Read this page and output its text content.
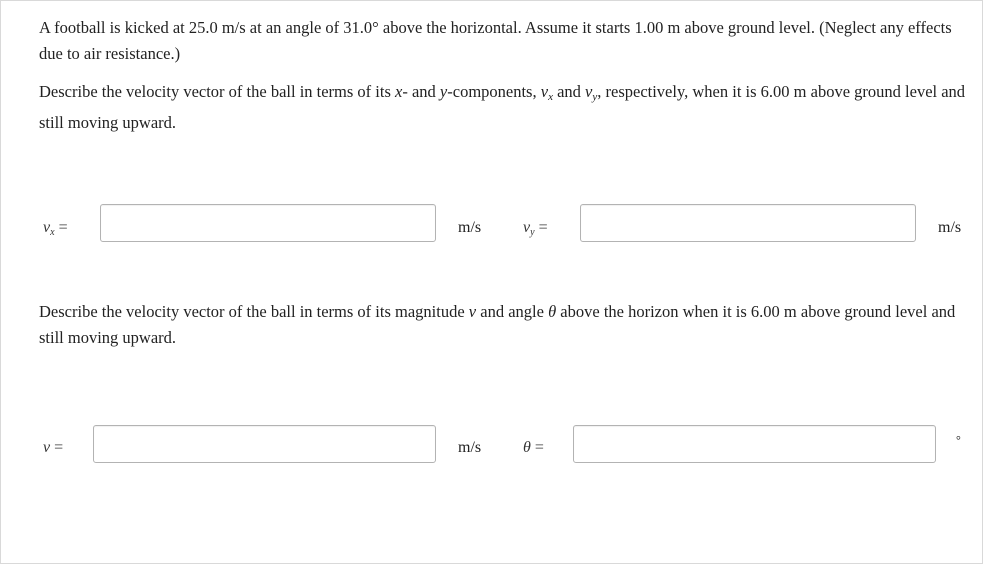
A football is kicked at 25.0 m/s at an angle of 31.0° above the horizontal. Assume it starts 1.00 m above ground level. (Neglect any effects due to air resistance.)

Describe the velocity vector of the ball in terms of its x- and y-components, $v_x$ and $v_y$, respectively, when it is 6.00 m above ground level and still moving upward.

vx =	m/s	vy =	m/s

Describe the velocity vector of the ball in terms of its magnitude v and angle θ above the horizon when it is 6.00 m above ground level and still moving upward.

v =	m/s	θ =	°
